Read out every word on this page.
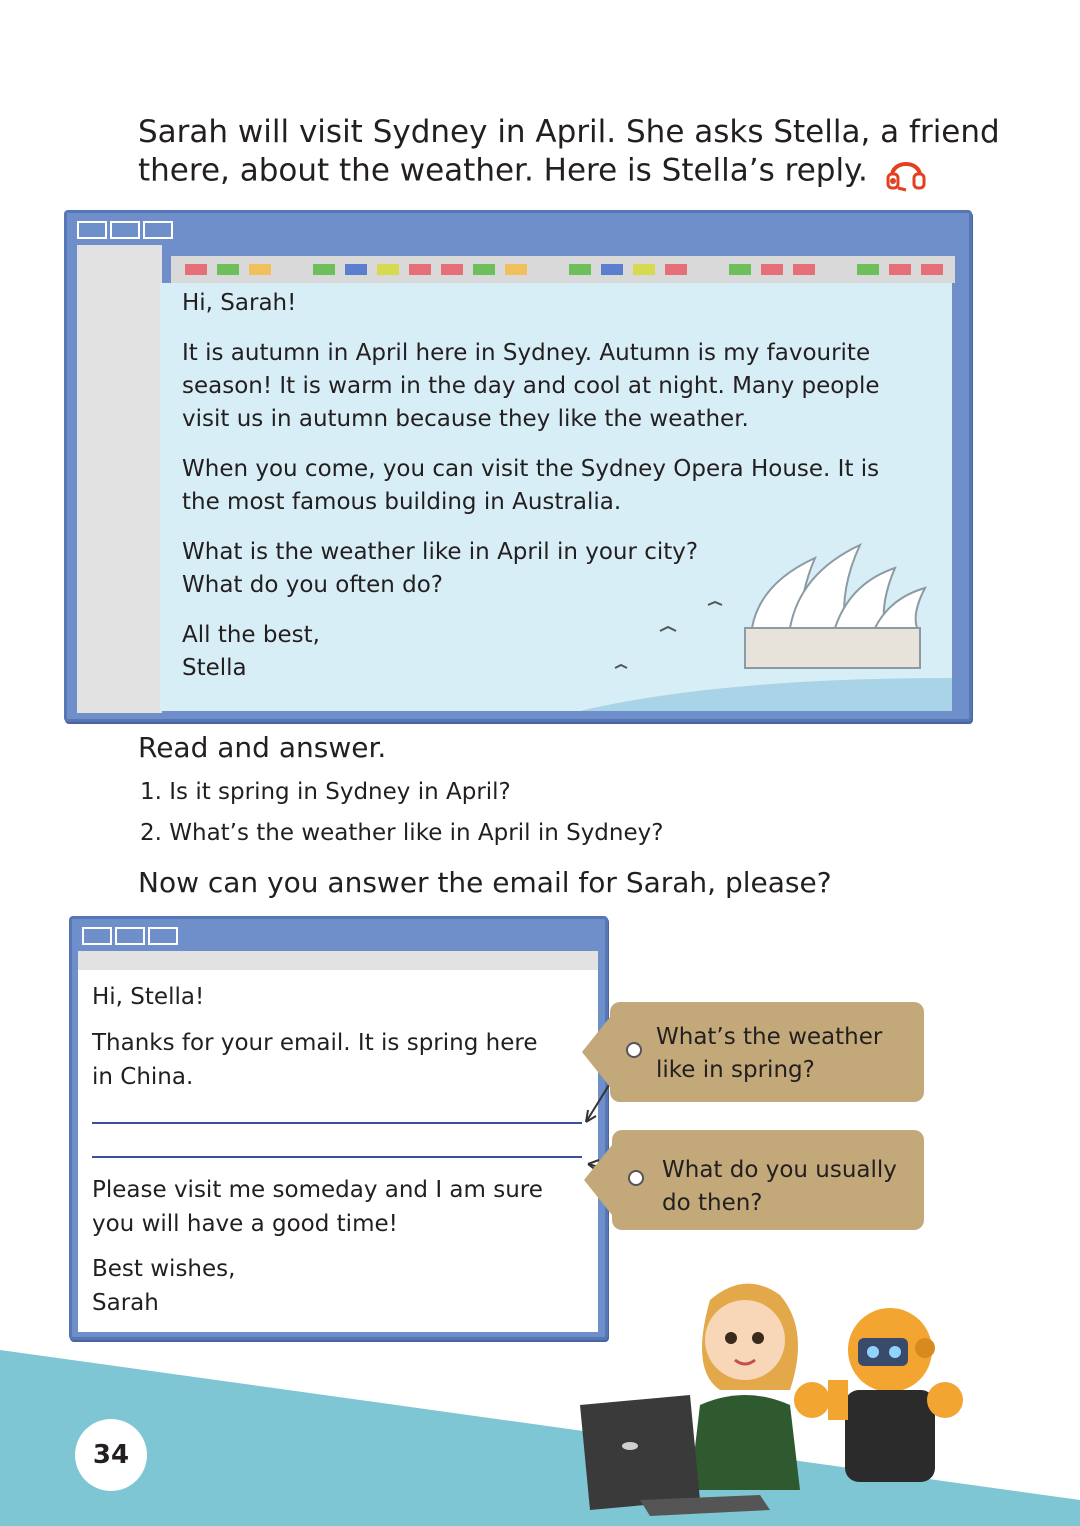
Sarah will visit Sydney in April. She asks Stella, a friend
there, about the weather. Here is Stella’s reply.

Hi, Sarah!

It is autumn in April here in Sydney. Autumn is my favourite

season! It is warm in the day and cool at night. Many people

visit us in autumn because they like the weather.

When you come, you can visit the Sydney Opera House. It is

the most famous building in Australia.

What is the weather like in April in your city?

What do you often do?

All the best,

Stella

Read and answer.
1. Is it spring in Sydney in April?
2. What’s the weather like in April in Sydney?
Now can you answer the email for Sarah, please?

Hi, Stella!

Thanks for your email. It is spring here

in China.

Please visit me someday and I am sure

you will have a good time!

Best wishes,

Sarah

What’s the weather
like in spring?
What do you usually
do then?
34
